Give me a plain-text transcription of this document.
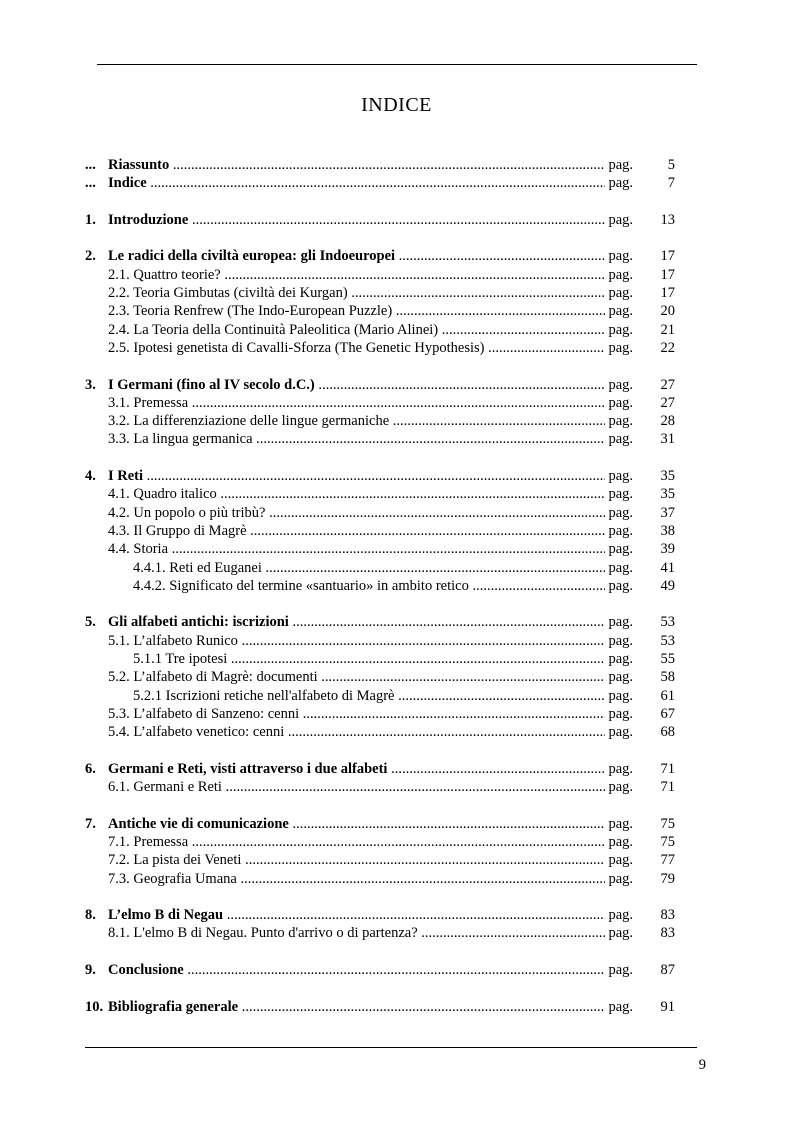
INDICE
... Riassunto .....	pag.	5
... Indice .....	pag.	7
1. Introduzione .....	pag.	13
2. Le radici della civiltà europea: gli Indoeuropei .....	pag.	17
2.1. Quattro teorie? .....	pag.	17
2.2. Teoria Gimbutas (civiltà dei Kurgan) .....	pag.	17
2.3. Teoria Renfrew (The Indo-European Puzzle) .....	pag.	20
2.4. La Teoria della Continuità Paleolitica (Mario Alinei) .....	pag.	21
2.5. Ipotesi genetista di Cavalli-Sforza (The Genetic Hypothesis) .....	pag.	22
3. I Germani (fino al IV secolo d.C.) .....	pag.	27
3.1. Premessa .....	pag.	27
3.2. La differenziazione delle lingue germaniche .....	pag.	28
3.3. La lingua germanica .....	pag.	31
4. I Reti .....	pag.	35
4.1. Quadro italico .....	pag.	35
4.2. Un popolo o più tribù? .....	pag.	37
4.3. Il Gruppo di Magrè .....	pag.	38
4.4. Storia .....	pag.	39
4.4.1. Reti ed Euganei .....	pag.	41
4.4.2. Significato del termine «santuario» in ambito retico .....	pag.	49
5. Gli alfabeti antichi: iscrizioni .....	pag.	53
5.1. L’alfabeto Runico .....	pag.	53
5.1.1 Tre ipotesi .....	pag.	55
5.2. L’alfabeto di Magrè: documenti .....	pag.	58
5.2.1 Iscrizioni retiche nell'alfabeto di Magrè .....	pag.	61
5.3. L’alfabeto di Sanzeno: cenni .....	pag.	67
5.4. L’alfabeto venetico: cenni .....	pag.	68
6. Germani e Reti, visti attraverso i due alfabeti .....	pag.	71
6.1. Germani e Reti .....	pag.	71
7. Antiche vie di comunicazione .....	pag.	75
7.1. Premessa .....	pag.	75
7.2. La pista dei Veneti .....	pag.	77
7.3. Geografia Umana .....	pag.	79
8. L’elmo B di Negau .....	pag.	83
8.1. L'elmo B di Negau. Punto d'arrivo o di partenza? .....	pag.	83
9. Conclusione .....	pag.	87
10. Bibliografia generale .....	pag.	91
9
